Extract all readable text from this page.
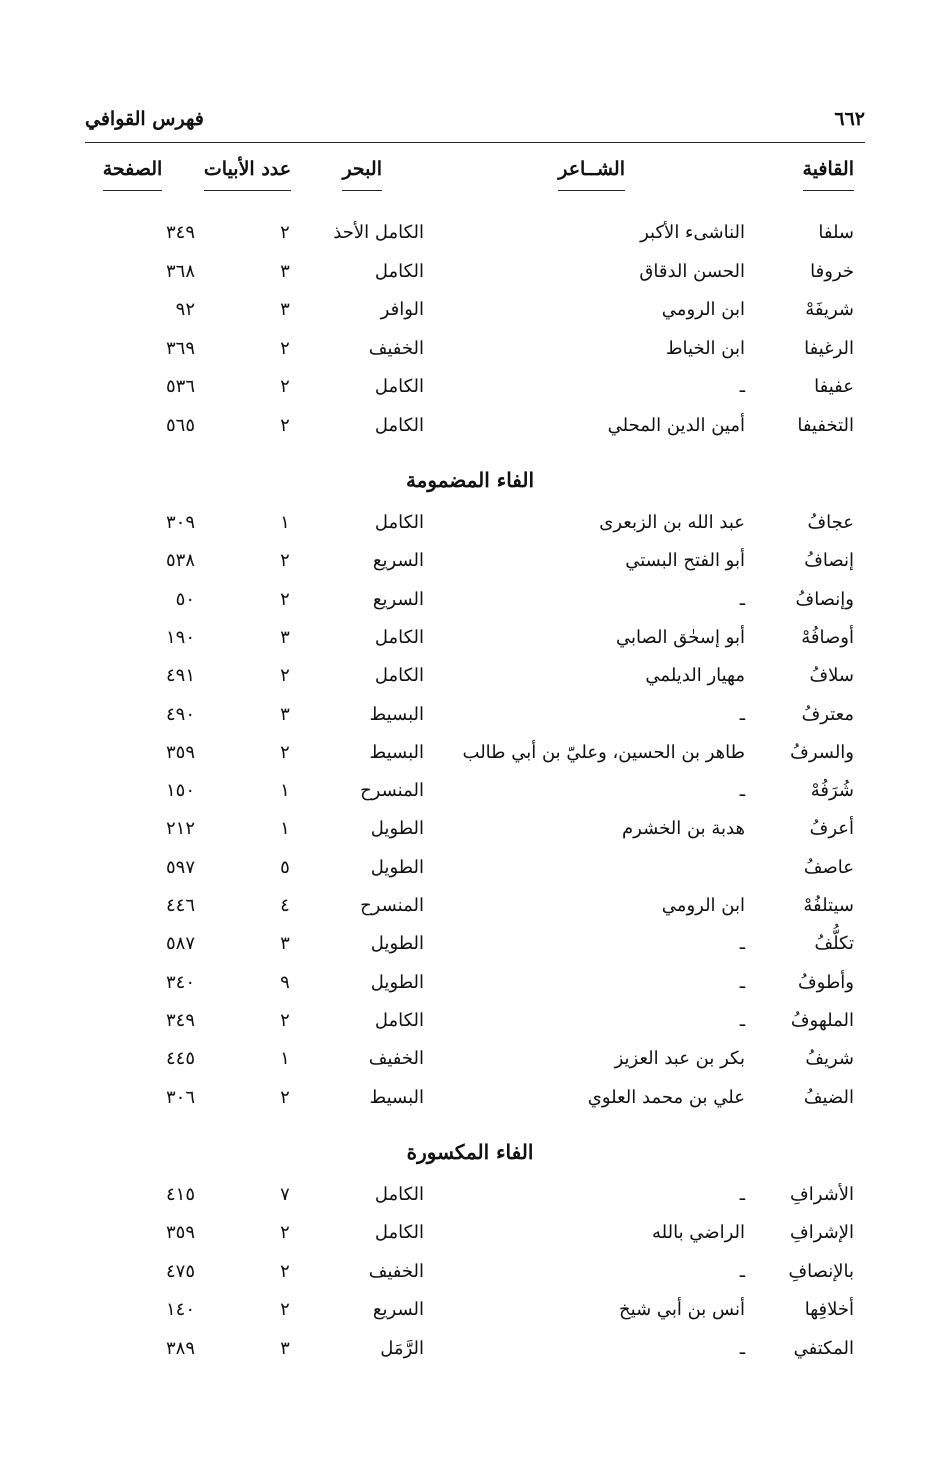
فهرس القوافي	٦٦٢
القافية
الشــاعر
البحر
عدد الأبيات
الصفحة
سلفا
الناشىء الأكبر
الكامل الأحذ
٢
٣٤٩
خروفا
الحسن الدقاق
الكامل
٣
٣٦٨
شريفَهْ
ابن الرومي
الوافر
٣
٩٢
الرغيفا
ابن الخياط
الخفيف
٢
٣٦٩
عفيفا
ـ
الكامل
٢
٥٣٦
التخفيفا
أمين الدين المحلي
الكامل
٢
٥٦٥
الفاء المضمومة
عجافُ
عبد الله بن الزبعرى
الكامل
١
٣٠٩
إنصافُ
أبو الفتح البستي
السريع
٢
٥٣٨
وإنصافُ
ـ
السريع
٢
٥٠
أوصافُهْ
أبو إسحٰق الصابي
الكامل
٣
١٩٠
سلافُ
مهيار الديلمي
الكامل
٢
٤٩١
معترفُ
ـ
البسيط
٣
٤٩٠
والسرفُ
طاهر بن الحسين، وعليّ بن أبي طالب
البسيط
٢
٣٥٩
شُرَفُهْ
ـ
المنسرح
١
١٥٠
أعرفُ
هدبة بن الخشرم
الطويل
١
٢١٢
عاصفُ
الطويل
٥
٥٩٧
سيتلفُهْ
ابن الرومي
المنسرح
٤
٤٤٦
تكلُّفُ
ـ
الطويل
٣
٥٨٧
وأطوفُ
ـ
الطويل
٩
٣٤٠
الملهوفُ
ـ
الكامل
٢
٣٤٩
شريفُ
بكر بن عبد العزيز
الخفيف
١
٤٤٥
الضيفُ
علي بن محمد العلوي
البسيط
٢
٣٠٦
الفاء المكسورة
الأشرافِ
ـ
الكامل
٧
٤١٥
الإشرافِ
الراضي بالله
الكامل
٢
٣٥٩
بالإنصافِ
ـ
الخفيف
٢
٤٧٥
أخلافِها
أنس بن أبي شيخ
السريع
٢
١٤٠
المكتفي
ـ
الرَّمَل
٣
٣٨٩
